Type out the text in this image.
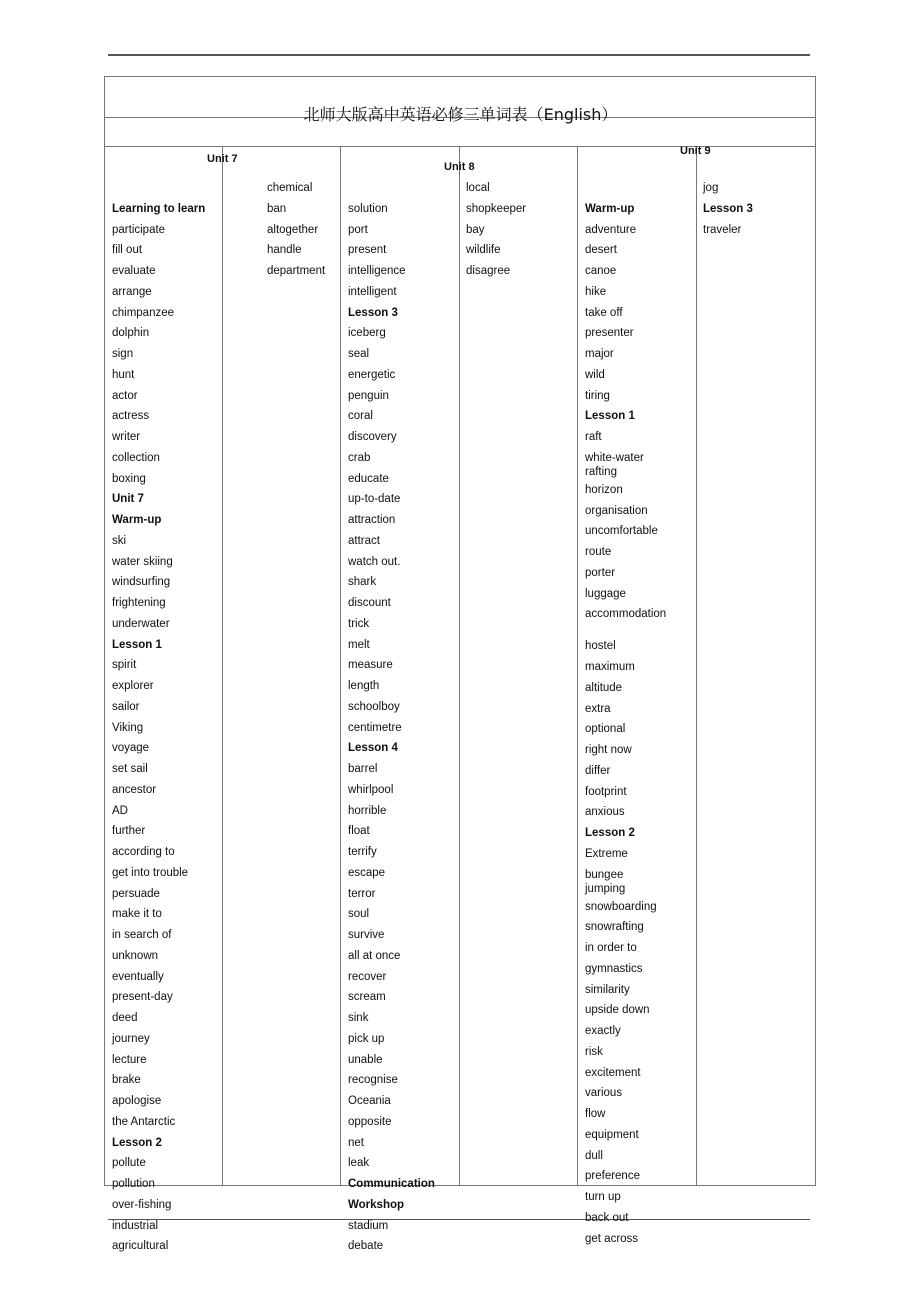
北师大版高中英语必修三单词表（English）
Unit 7
Unit 8
Unit 9
Learning to learn
participate
fill out
evaluate
arrange
chimpanzee
dolphin
sign
hunt
actor
actress
writer
collection
boxing
Unit 7
Warm-up
ski
water skiing
windsurfing
frightening
underwater
Lesson 1
spirit
explorer
sailor
Viking
voyage
set sail
ancestor
AD
further
according to
get into trouble
persuade
make it to
in search of
unknown
eventually
present-day
deed
journey
lecture
brake
apologise
the Antarctic
Lesson 2
pollute
pollution
over-fishing
industrial
agricultural
chemical
ban
altogether
handle
department
solution
port
present
intelligence
intelligent
Lesson 3
iceberg
seal
energetic
penguin
coral
discovery
crab
educate
up-to-date
attraction
attract
watch out.
shark
discount
trick
melt
measure
length
schoolboy
centimetre
Lesson 4
barrel
whirlpool
horrible
float
terrify
escape
terror
soul
survive
all at once
recover
scream
sink
pick up
unable
recognise
Oceania
opposite
net
leak
Communication
Workshop
stadium
debate
local
shopkeeper
bay
wildlife
disagree
Warm-up
adventure
desert
canoe
hike
take off
presenter
major
wild
tiring
Lesson 1
raft
white-water rafting
horizon
organisation
uncomfortable
route
porter
luggage
accommodation
hostel
maximum
altitude
extra
optional
right now
differ
footprint
anxious
Lesson 2
Extreme
bungee jumping
snowboarding
snowrafting
in order to
gymnastics
similarity
upside down
exactly
risk
excitement
various
flow
equipment
dull
preference
turn up
back out
get across
jog
Lesson 3
traveler
